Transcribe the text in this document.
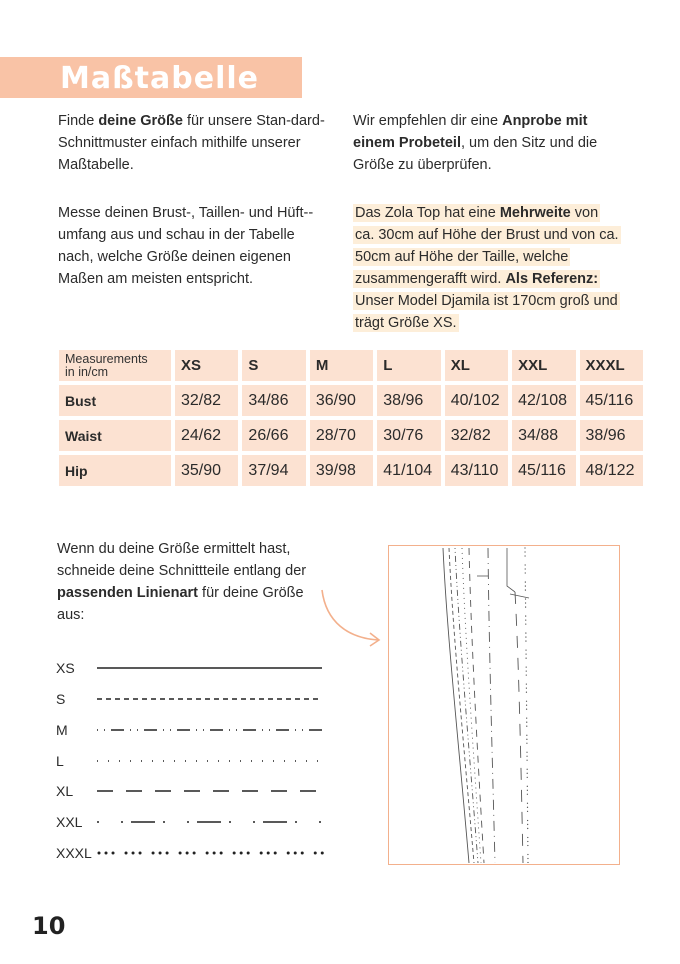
Maßtabelle

Finde deine Größe für unsere Stan-dard-Schnittmuster einfach mithilfe unserer Maßtabelle.

Messe deinen Brust-, Taillen- und Hüft-umfang aus und schau in der Tabelle nach, welche Größe deinen eigenen Maßen am meisten entspricht.

Wir empfehlen dir eine Anprobe mit einem Probeteil, um den Sitz und die Größe zu überprüfen.

Das Zola Top hat eine Mehrweite von ca. 30cm auf Höhe der Brust und von ca. 50cm auf Höhe der Taille, welche zusammengerafft wird. Als Referenz: Unser Model Djamila ist 170cm groß und trägt Größe XS.

Measurements
in in/cm	XS	S	M	L	XL	XXL	XXXL
Bust	32/82	34/86	36/90	38/96	40/102	42/108	45/116
Waist	24/62	26/66	28/70	30/76	32/82	34/88	38/96
Hip	35/90	37/94	39/98	41/104	43/110	45/116	48/122

Wenn du deine Größe ermittelt hast, schneide deine Schnittteile entlang der passenden Linienart für deine Größe aus:

XS
S
M
L
XL
XXL
XXXL

10
